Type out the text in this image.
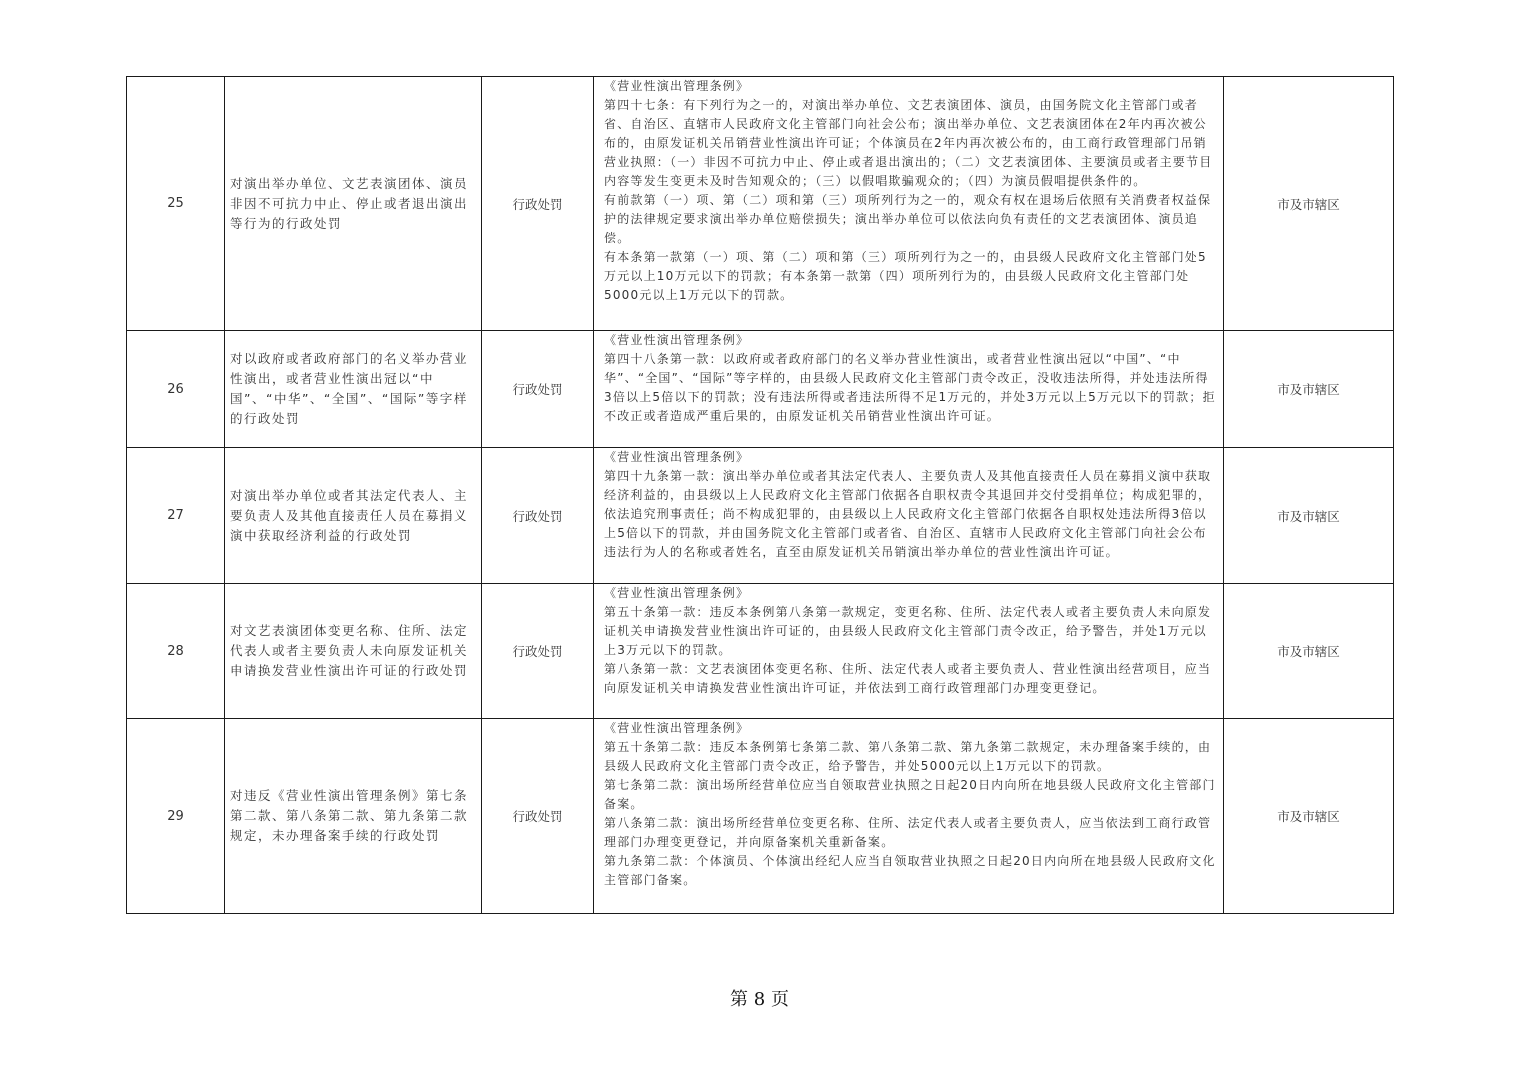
25	对演出举办单位、文艺表演团体、演员非因不可抗力中止、停止或者退出演出等行为的行政处罚	行政处罚	《营业性演出管理条例》

第四十七条：有下列行为之一的，对演出举办单位、文艺表演团体、演员，由国务院文化主管部门或者省、自治区、直辖市人民政府文化主管部门向社会公布；演出举办单位、文艺表演团体在2年内再次被公布的，由原发证机关吊销营业性演出许可证；个体演员在2年内再次被公布的，由工商行政管理部门吊销营业执照：（一）非因不可抗力中止、停止或者退出演出的；（二）文艺表演团体、主要演员或者主要节目内容等发生变更未及时告知观众的；（三）以假唱欺骗观众的；（四）为演员假唱提供条件的。

有前款第（一）项、第（二）项和第（三）项所列行为之一的，观众有权在退场后依照有关消费者权益保护的法律规定要求演出举办单位赔偿损失；演出举办单位可以依法向负有责任的文艺表演团体、演员追偿。

有本条第一款第（一）项、第（二）项和第（三）项所列行为之一的，由县级人民政府文化主管部门处5万元以上10万元以下的罚款；有本条第一款第（四）项所列行为的，由县级人民政府文化主管部门处5000元以上1万元以下的罚款。	市及市辖区
26	对以政府或者政府部门的名义举办营业性演出，或者营业性演出冠以“中国”、“中华”、“全国”、“国际”等字样的行政处罚	行政处罚	《营业性演出管理条例》

第四十八条第一款：以政府或者政府部门的名义举办营业性演出，或者营业性演出冠以“中国”、“中华”、“全国”、“国际”等字样的，由县级人民政府文化主管部门责令改正，没收违法所得，并处违法所得3倍以上5倍以下的罚款；没有违法所得或者违法所得不足1万元的，并处3万元以上5万元以下的罚款；拒不改正或者造成严重后果的，由原发证机关吊销营业性演出许可证。	市及市辖区
27	对演出举办单位或者其法定代表人、主要负责人及其他直接责任人员在募捐义演中获取经济利益的行政处罚	行政处罚	《营业性演出管理条例》

第四十九条第一款：演出举办单位或者其法定代表人、主要负责人及其他直接责任人员在募捐义演中获取经济利益的，由县级以上人民政府文化主管部门依据各自职权责令其退回并交付受捐单位；构成犯罪的，依法追究刑事责任；尚不构成犯罪的，由县级以上人民政府文化主管部门依据各自职权处违法所得3倍以上5倍以下的罚款，并由国务院文化主管部门或者省、自治区、直辖市人民政府文化主管部门向社会公布违法行为人的名称或者姓名，直至由原发证机关吊销演出举办单位的营业性演出许可证。	市及市辖区
28	对文艺表演团体变更名称、住所、法定代表人或者主要负责人未向原发证机关申请换发营业性演出许可证的行政处罚	行政处罚	《营业性演出管理条例》

第五十条第一款：违反本条例第八条第一款规定，变更名称、住所、法定代表人或者主要负责人未向原发证机关申请换发营业性演出许可证的，由县级人民政府文化主管部门责令改正，给予警告，并处1万元以上3万元以下的罚款。

第八条第一款：文艺表演团体变更名称、住所、法定代表人或者主要负责人、营业性演出经营项目，应当向原发证机关申请换发营业性演出许可证，并依法到工商行政管理部门办理变更登记。	市及市辖区
29	对违反《营业性演出管理条例》第七条第二款、第八条第二款、第九条第二款规定，未办理备案手续的行政处罚	行政处罚	《营业性演出管理条例》

第五十条第二款：违反本条例第七条第二款、第八条第二款、第九条第二款规定，未办理备案手续的，由县级人民政府文化主管部门责令改正，给予警告，并处5000元以上1万元以下的罚款。

第七条第二款：演出场所经营单位应当自领取营业执照之日起20日内向所在地县级人民政府文化主管部门备案。

第八条第二款：演出场所经营单位变更名称、住所、法定代表人或者主要负责人，应当依法到工商行政管理部门办理变更登记，并向原备案机关重新备案。

第九条第二款：个体演员、个体演出经纪人应当自领取营业执照之日起20日内向所在地县级人民政府文化主管部门备案。	市及市辖区
第 8 页
